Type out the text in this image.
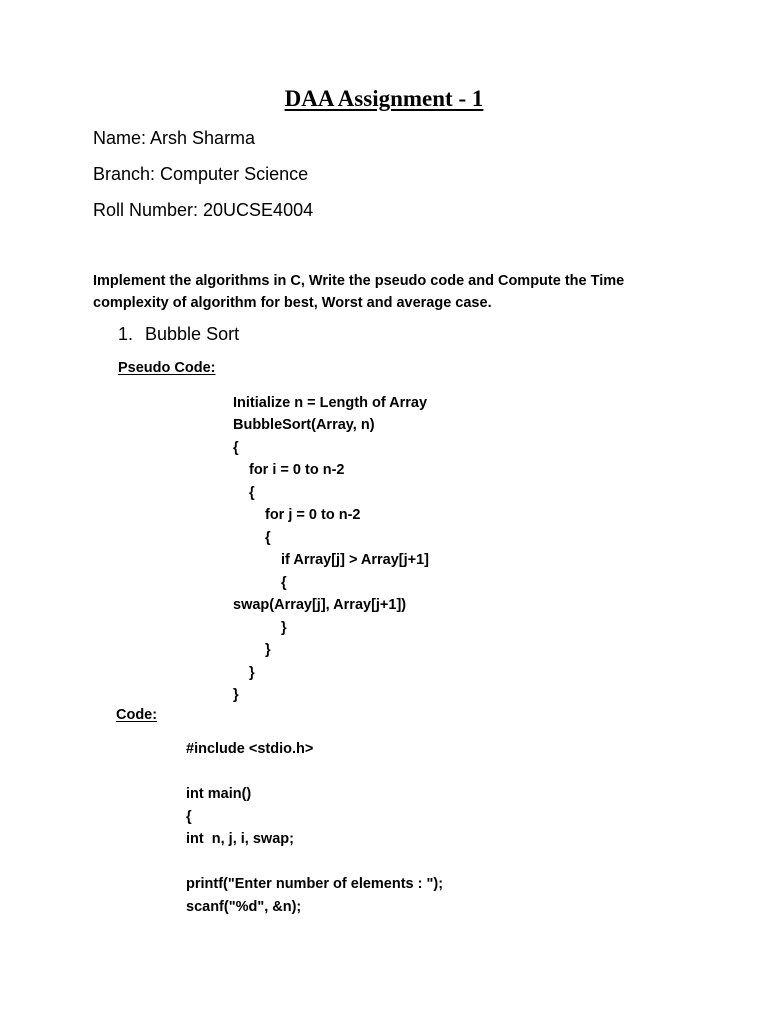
DAA Assignment - 1
Name: Arsh Sharma
Branch: Computer Science
Roll Number: 20UCSE4004
Implement the algorithms in C, Write the pseudo code and Compute the Time
complexity of algorithm for best, Worst and average case.
1. Bubble Sort
Pseudo Code:
Initialize n = Length of Array
BubbleSort(Array, n)
{
for i = 0 to n-2
{
for j = 0 to n-2
{
if Array[j] > Array[j+1]
{
swap(Array[j], Array[j+1])
}
}
}
}
Code:
#include <stdio.h>
int main()
{
int  n, j, i, swap;
printf("Enter number of elements : ");
scanf("%d", &n);
